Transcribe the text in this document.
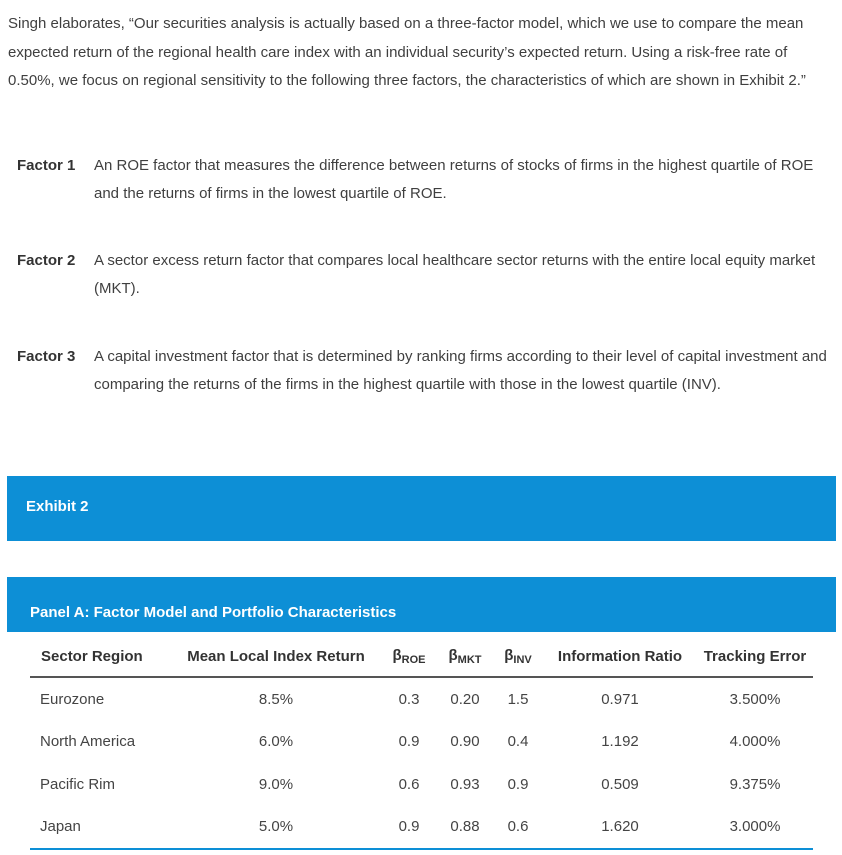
Singh elaborates, “Our securities analysis is actually based on a three-factor model, which we use to compare the mean expected return of the regional health care index with an individual security’s expected return. Using a risk-free rate of 0.50%, we focus on regional sensitivity to the following three factors, the characteristics of which are shown in Exhibit 2.”

Factor 1 An ROE factor that measures the difference between returns of stocks of firms in the highest quartile of ROE and the returns of firms in the lowest quartile of ROE.
Factor 2 A sector excess return factor that compares local healthcare sector returns with the entire local equity market (MKT).
Factor 3 A capital investment factor that is determined by ranking firms according to their level of capital investment and comparing the returns of the firms in the highest quartile with those in the lowest quartile (INV).
Exhibit 2
Panel A: Factor Model and Portfolio Characteristics
Sector Region	Mean Local Index Return	$\beta_{ROE}$	$\beta_{MKT}$	$\beta_{INV}$	Information Ratio	Tracking Error
Eurozone	8.5%	0.3	0.20	1.5	0.971	3.500%
North America	6.0%	0.9	0.90	0.4	1.192	4.000%
Pacific Rim	9.0%	0.6	0.93	0.9	0.509	9.375%
Japan	5.0%	0.9	0.88	0.6	1.620	3.000%
